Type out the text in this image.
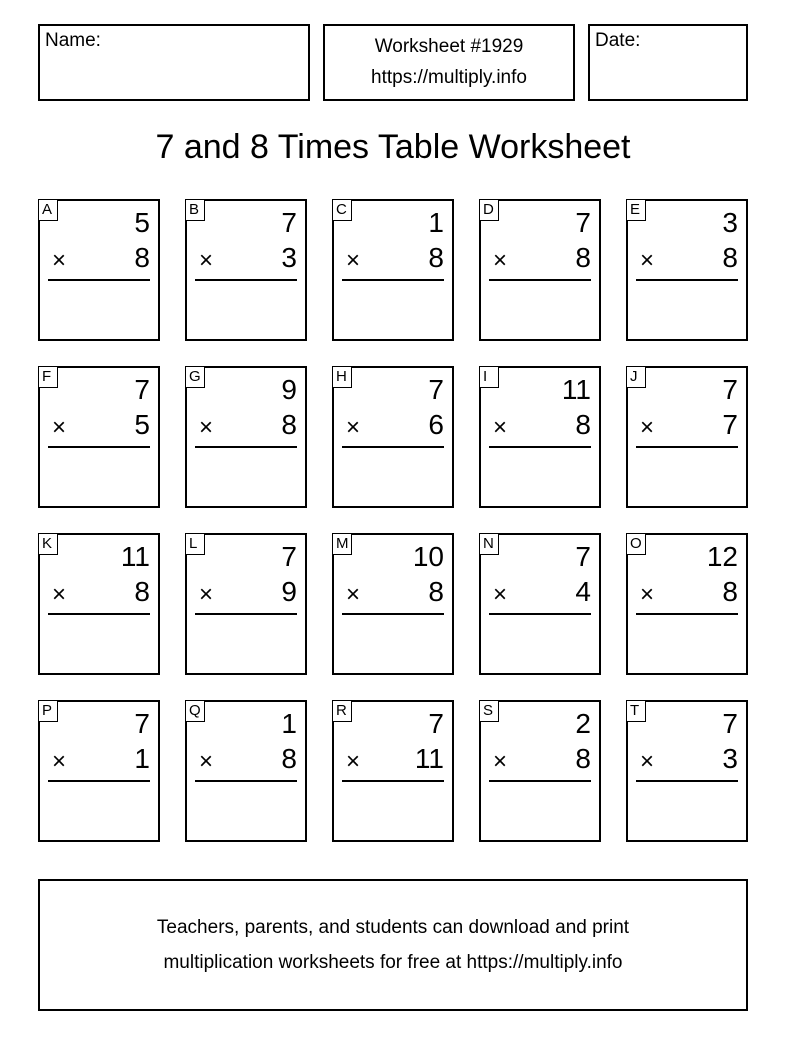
Name:	Worksheet #1929
https://multiply.info
Date:
7 and 8 Times Table Worksheet
A	5
× 8
B	7
× 3
C	1
× 8
D	7
× 8
E	3
× 8
F	7
× 5
G	9
× 8
H	7
× 6
I	11
× 8
J	7
× 7
K 11
× 8
L	7
× 9
M 10
× 8
N	7
× 4
O 12
× 8
P	7
× 1
Q	1
× 8
R	7
× 11
S	2
× 8
T	7
× 3
Teachers, parents, and students can download and print
multiplication worksheets for free at https://multiply.info
